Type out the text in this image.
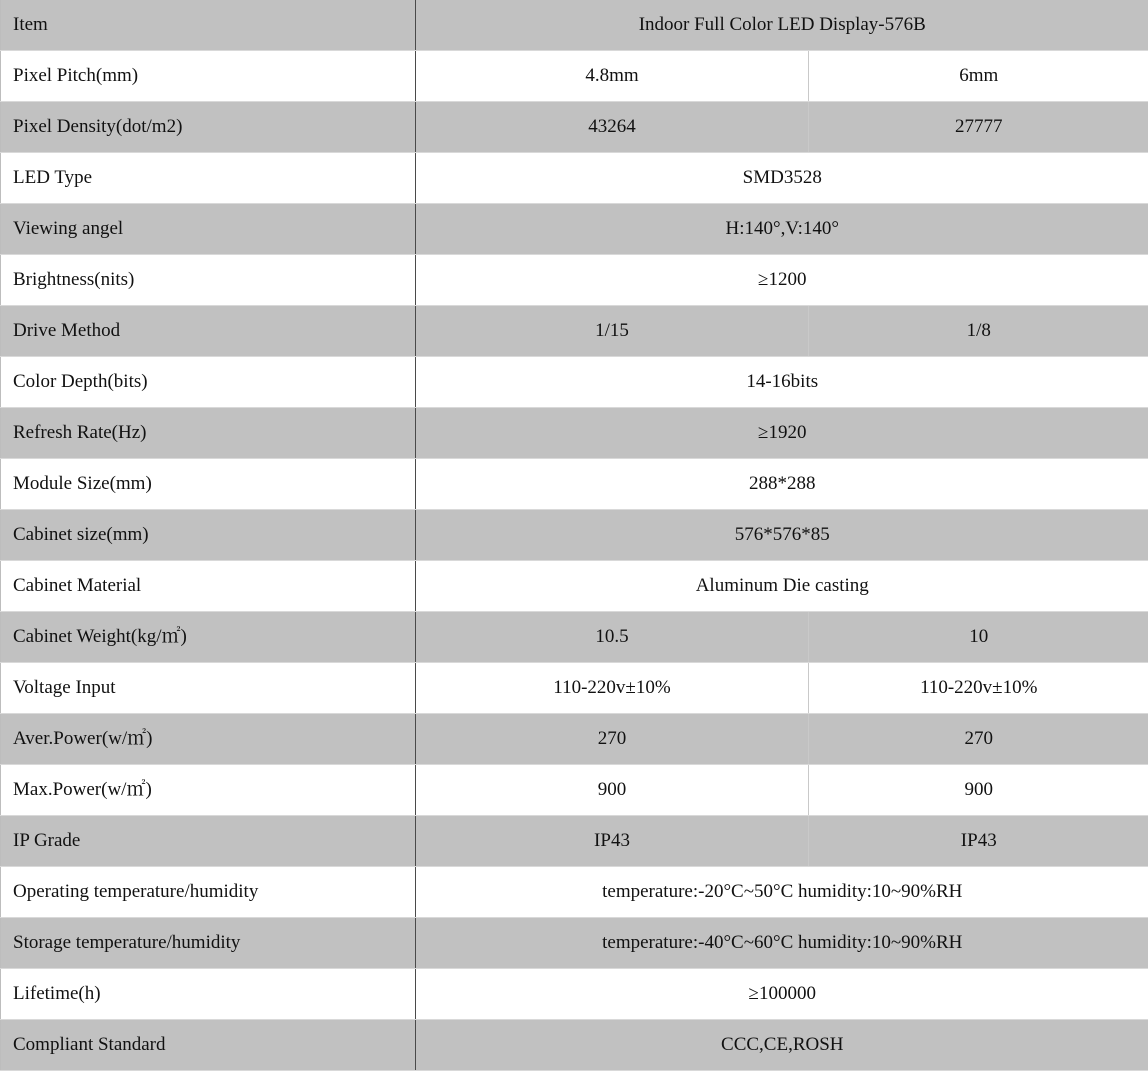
Item	Indoor Full Color LED Display-576B	
Pixel Pitch(mm)	4.8mm	6mm
Pixel Density(dot/m2)	43264	27777
LED Type	SMD3528	
Viewing angel	H:140°,V:140°	
Brightness(nits)	≥1200	
Drive Method	1/15	1/8
Color Depth(bits)	14-16bits	
Refresh Rate(Hz)	≥1920	
Module Size(mm)	288*288	
Cabinet size(mm)	576*576*85	
Cabinet Material	Aluminum Die casting	
Cabinet Weight(kg/㎡)	10.5	10
Voltage Input	110-220v±10%	110-220v±10%
Aver.Power(w/㎡)	270	270
Max.Power(w/㎡)	900	900
IP Grade	IP43	IP43
Operating temperature/humidity	temperature:-20°C~50°C humidity:10~90%RH	
Storage temperature/humidity	temperature:-40°C~60°C humidity:10~90%RH	
Lifetime(h)	≥100000	
Compliant Standard	CCC,CE,ROSH	
